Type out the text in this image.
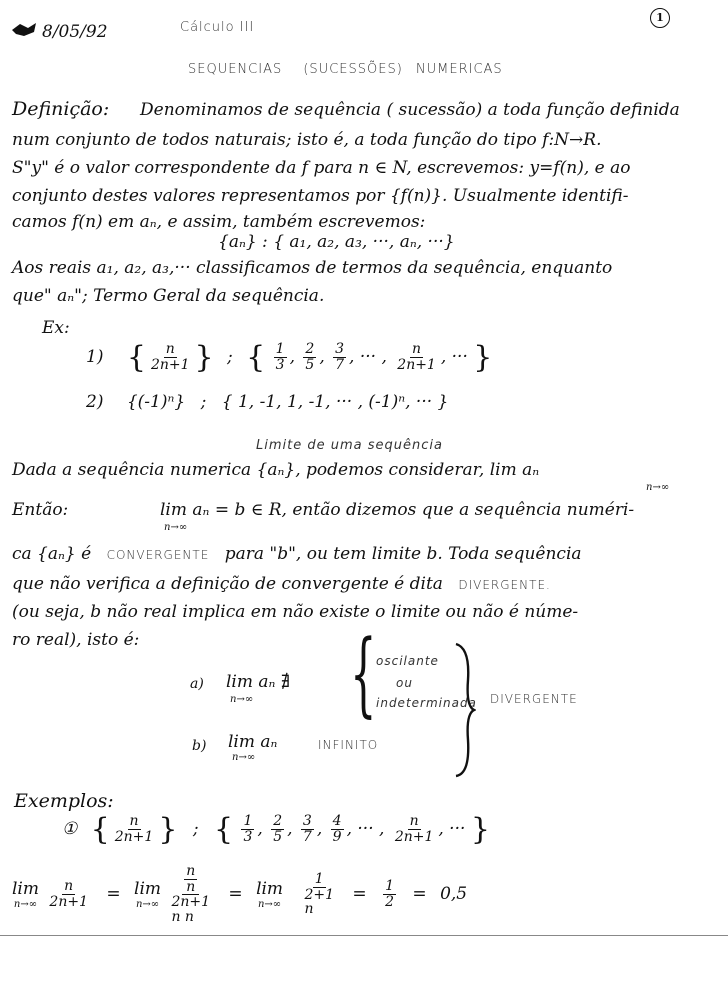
8/05/92	Cálculo III
1
SEQUENCIAS (SUCESSÕES) NUMERICAS
Definição: Denominamos de sequência ( sucessão) a toda função definida
num conjunto de todos naturais; isto é, a toda função do tipo f:N→R.
S"y" é o valor correspondente da f para n ∈ N, escrevemos: y=f(n), e ao
conjunto destes valores representamos por {f(n)}. Usualmente identifi-
camos f(n) em aₙ, e assim, também escrevemos:
{aₙ} : { a₁, a₂, a₃, ···, aₙ, ···}
Aos reais a₁, a₂, a₃,··· classificamos de termos da sequência, enquanto
que" aₙ"; Termo Geral da sequência.
Ex:
1) { $\frac{n}{2n+1}$ } ; { $\frac{1}{3}$ , $\frac{2}{5}$ , $\frac{3}{7}$ , ··· , $\frac{n}{2n+1}$ , ··· }
2) {(-1)ⁿ} ; { 1, -1, 1, -1, ··· , (-1)ⁿ, ··· }
Limite de uma sequência
Dada a sequência numerica {aₙ}, podemos considerar, lim aₙ
n→∞
Então:	lim aₙ = b ∈ R, então dizemos que a sequência numéri-
n→∞
ca {aₙ} é CONVERGENTE para "b", ou tem limite b. Toda sequência
que não verifica a definição de convergente é dita DIVERGENTE.
(ou seja, b não real implica em não existe o limite ou não é núme-
ro real), isto é:
a) lim aₙ ∄
n→∞ { oscilante
ou
indeterminada
b) lim aₙ
n→∞
INFINITO
DIVERGENTE
Exemplos:
① { $\frac{n}{2n+1}$ } ; { $\frac{1}{3}$ , $\frac{2}{5}$ , $\frac{3}{7}$ , $\frac{4}{9}$ , ··· , $\frac{n}{2n+1}$ , ··· }
lim
n→∞
$\frac{n}{2n+1} = \lim$
n→∞

$\frac{n}{n}$
2n+1
n n
= lim
n→∞

1
2+1
n
= $\frac{1}{2} = 0,5$
